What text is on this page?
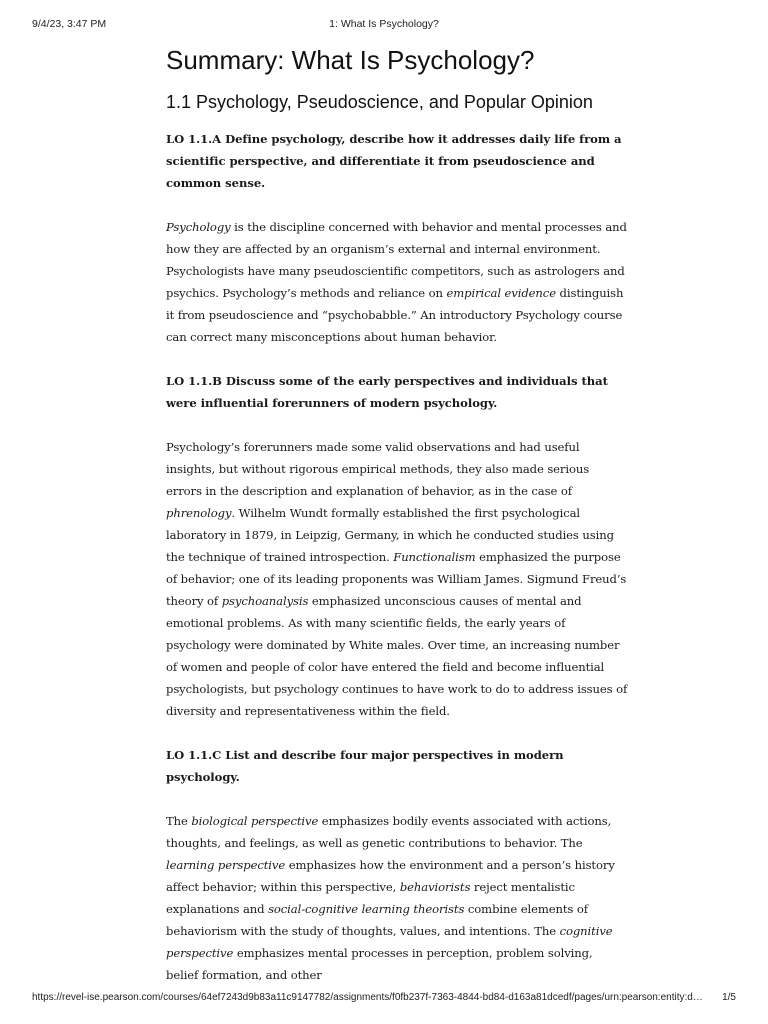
9/4/23, 3:47 PM	1: What Is Psychology?
Summary: What Is Psychology?
1.1 Psychology, Pseudoscience, and Popular Opinion

LO 1.1.A Define psychology, describe how it addresses daily life from a scientific perspective, and differentiate it from pseudoscience and common sense.

Psychology is the discipline concerned with behavior and mental processes and how they are affected by an organism’s external and internal environment. Psychologists have many pseudoscientific competitors, such as astrologers and psychics. Psychology’s methods and reliance on empirical evidence distinguish it from pseudoscience and “psychobabble.” An introductory Psychology course can correct many misconceptions about human behavior.

LO 1.1.B Discuss some of the early perspectives and individuals that were influential forerunners of modern psychology.

Psychology’s forerunners made some valid observations and had useful insights, but without rigorous empirical methods, they also made serious errors in the description and explanation of behavior, as in the case of phrenology. Wilhelm Wundt formally established the first psychological laboratory in 1879, in Leipzig, Germany, in which he conducted studies using the technique of trained introspection. Functionalism emphasized the purpose of behavior; one of its leading proponents was William James. Sigmund Freud’s theory of psychoanalysis emphasized unconscious causes of mental and emotional problems. As with many scientific fields, the early years of psychology were dominated by White males. Over time, an increasing number of women and people of color have entered the field and become influential psychologists, but psychology continues to have work to do to address issues of diversity and representativeness within the field.

LO 1.1.C List and describe four major perspectives in modern psychology.

The biological perspective emphasizes bodily events associated with actions, thoughts, and feelings, as well as genetic contributions to behavior. The learning perspective emphasizes how the environment and a person’s history affect behavior; within this perspective, behaviorists reject mentalistic explanations and social-cognitive learning theorists combine elements of behaviorism with the study of thoughts, values, and intentions. The cognitive perspective emphasizes mental processes in perception, problem solving, belief formation, and other

https://revel-ise.pearson.com/courses/64ef7243d9b83a11c9147782/assignments/f0fb237f-7363-4844-bd84-d163a81dcedf/pages/urn:pearson:entity:d…	1/5
